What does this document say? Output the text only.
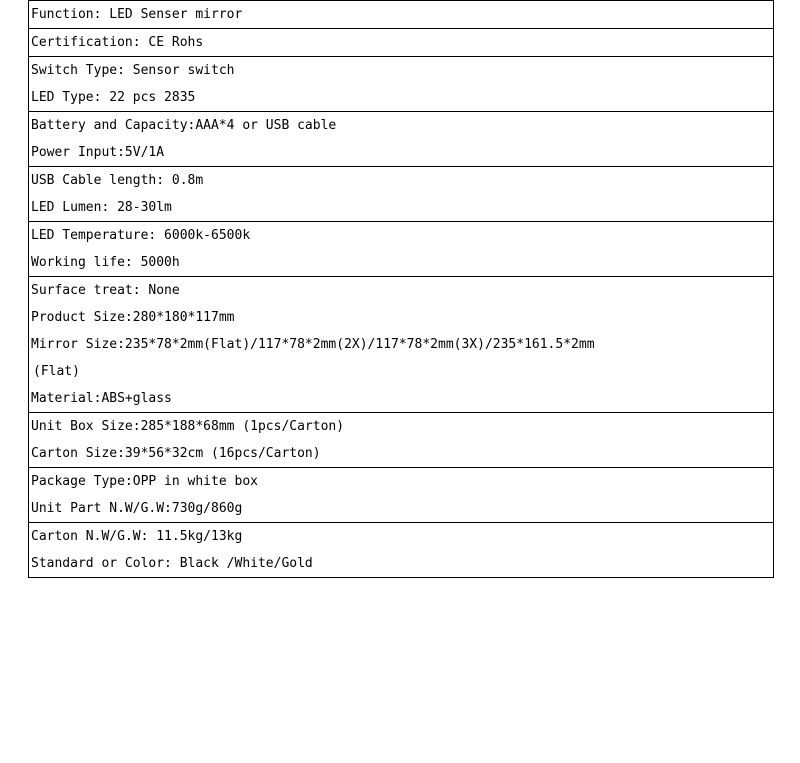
Function: LED Senser mirror
Certification: CE Rohs
Switch Type: Sensor switch
LED Type: 22 pcs 2835
Battery and Capacity:AAA*4 or USB cable
Power Input:5V/1A
USB Cable length: 0.8m
LED Lumen: 28-30lm
LED Temperature: 6000k-6500k
Working life: 5000h
Surface treat: None
Product Size:280*180*117mm
Mirror Size:235*78*2mm(Flat)/117*78*2mm(2X)/117*78*2mm(3X)/235*161.5*2mm
(Flat)
Material:ABS+glass
Unit Box Size:285*188*68mm (1pcs/Carton)
Carton Size:39*56*32cm (16pcs/Carton)
Package Type:OPP in white box
Unit Part N.W/G.W:730g/860g
Carton N.W/G.W: 11.5kg/13kg
Standard or Color: Black /White/Gold
